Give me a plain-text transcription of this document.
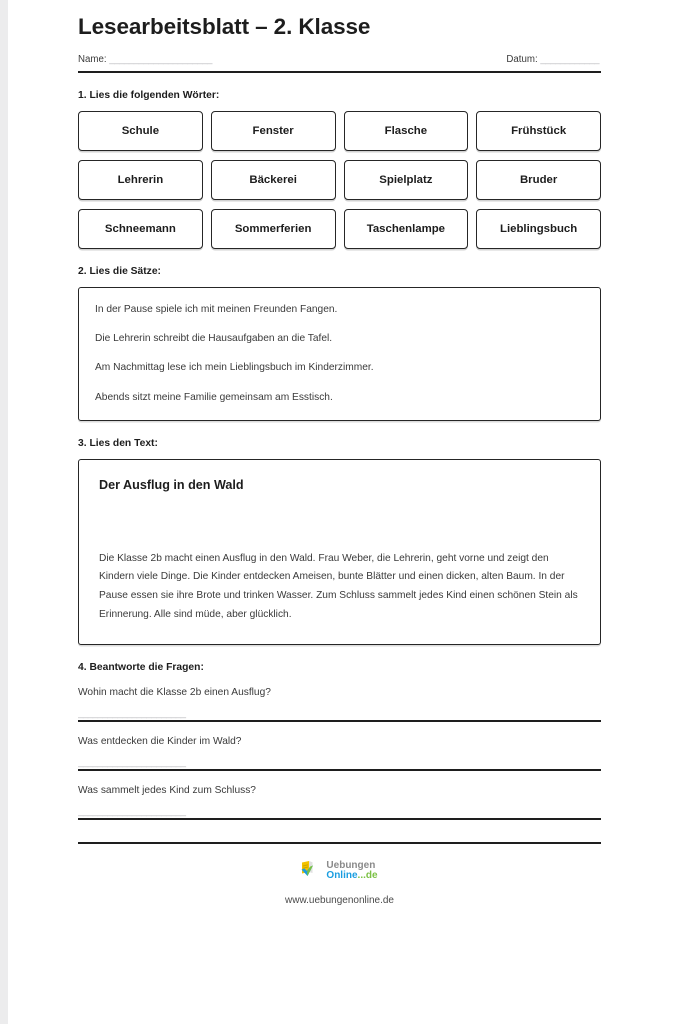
Lesearbeitsblatt – 2. Klasse
Name: _____________________	Datum: ____________
1. Lies die folgenden Wörter:
Schule	Fenster	Flasche	Frühstück
Lehrerin	Bäckerei	Spielplatz	Bruder
Schneemann	Sommerferien	Taschenlampe	Lieblingsbuch
2. Lies die Sätze:

In der Pause spiele ich mit meinen Freunden Fangen.

Die Lehrerin schreibt die Hausaufgaben an die Tafel.

Am Nachmittag lese ich mein Lieblingsbuch im Kinderzimmer.

Abends sitzt meine Familie gemeinsam am Esstisch.

3. Lies den Text:
Der Ausflug in den Wald

Die Klasse 2b macht einen Ausflug in den Wald. Frau Weber, die Lehrerin, geht vorne und zeigt den Kindern viele Dinge. Die Kinder entdecken Ameisen, bunte Blätter und einen dicken, alten Baum. In der Pause essen sie ihre Brote und trinken Wasser. Zum Schluss sammelt jedes Kind einen schönen Stein als Erinnerung. Alle sind müde, aber glücklich.

4. Beantworte die Fragen:
Wohin macht die Klasse 2b einen Ausflug?
______________________
Was entdecken die Kinder im Wald?
______________________
Was sammelt jedes Kind zum Schluss?
______________________
Uebungen
Online...de
www.uebungenonline.de
